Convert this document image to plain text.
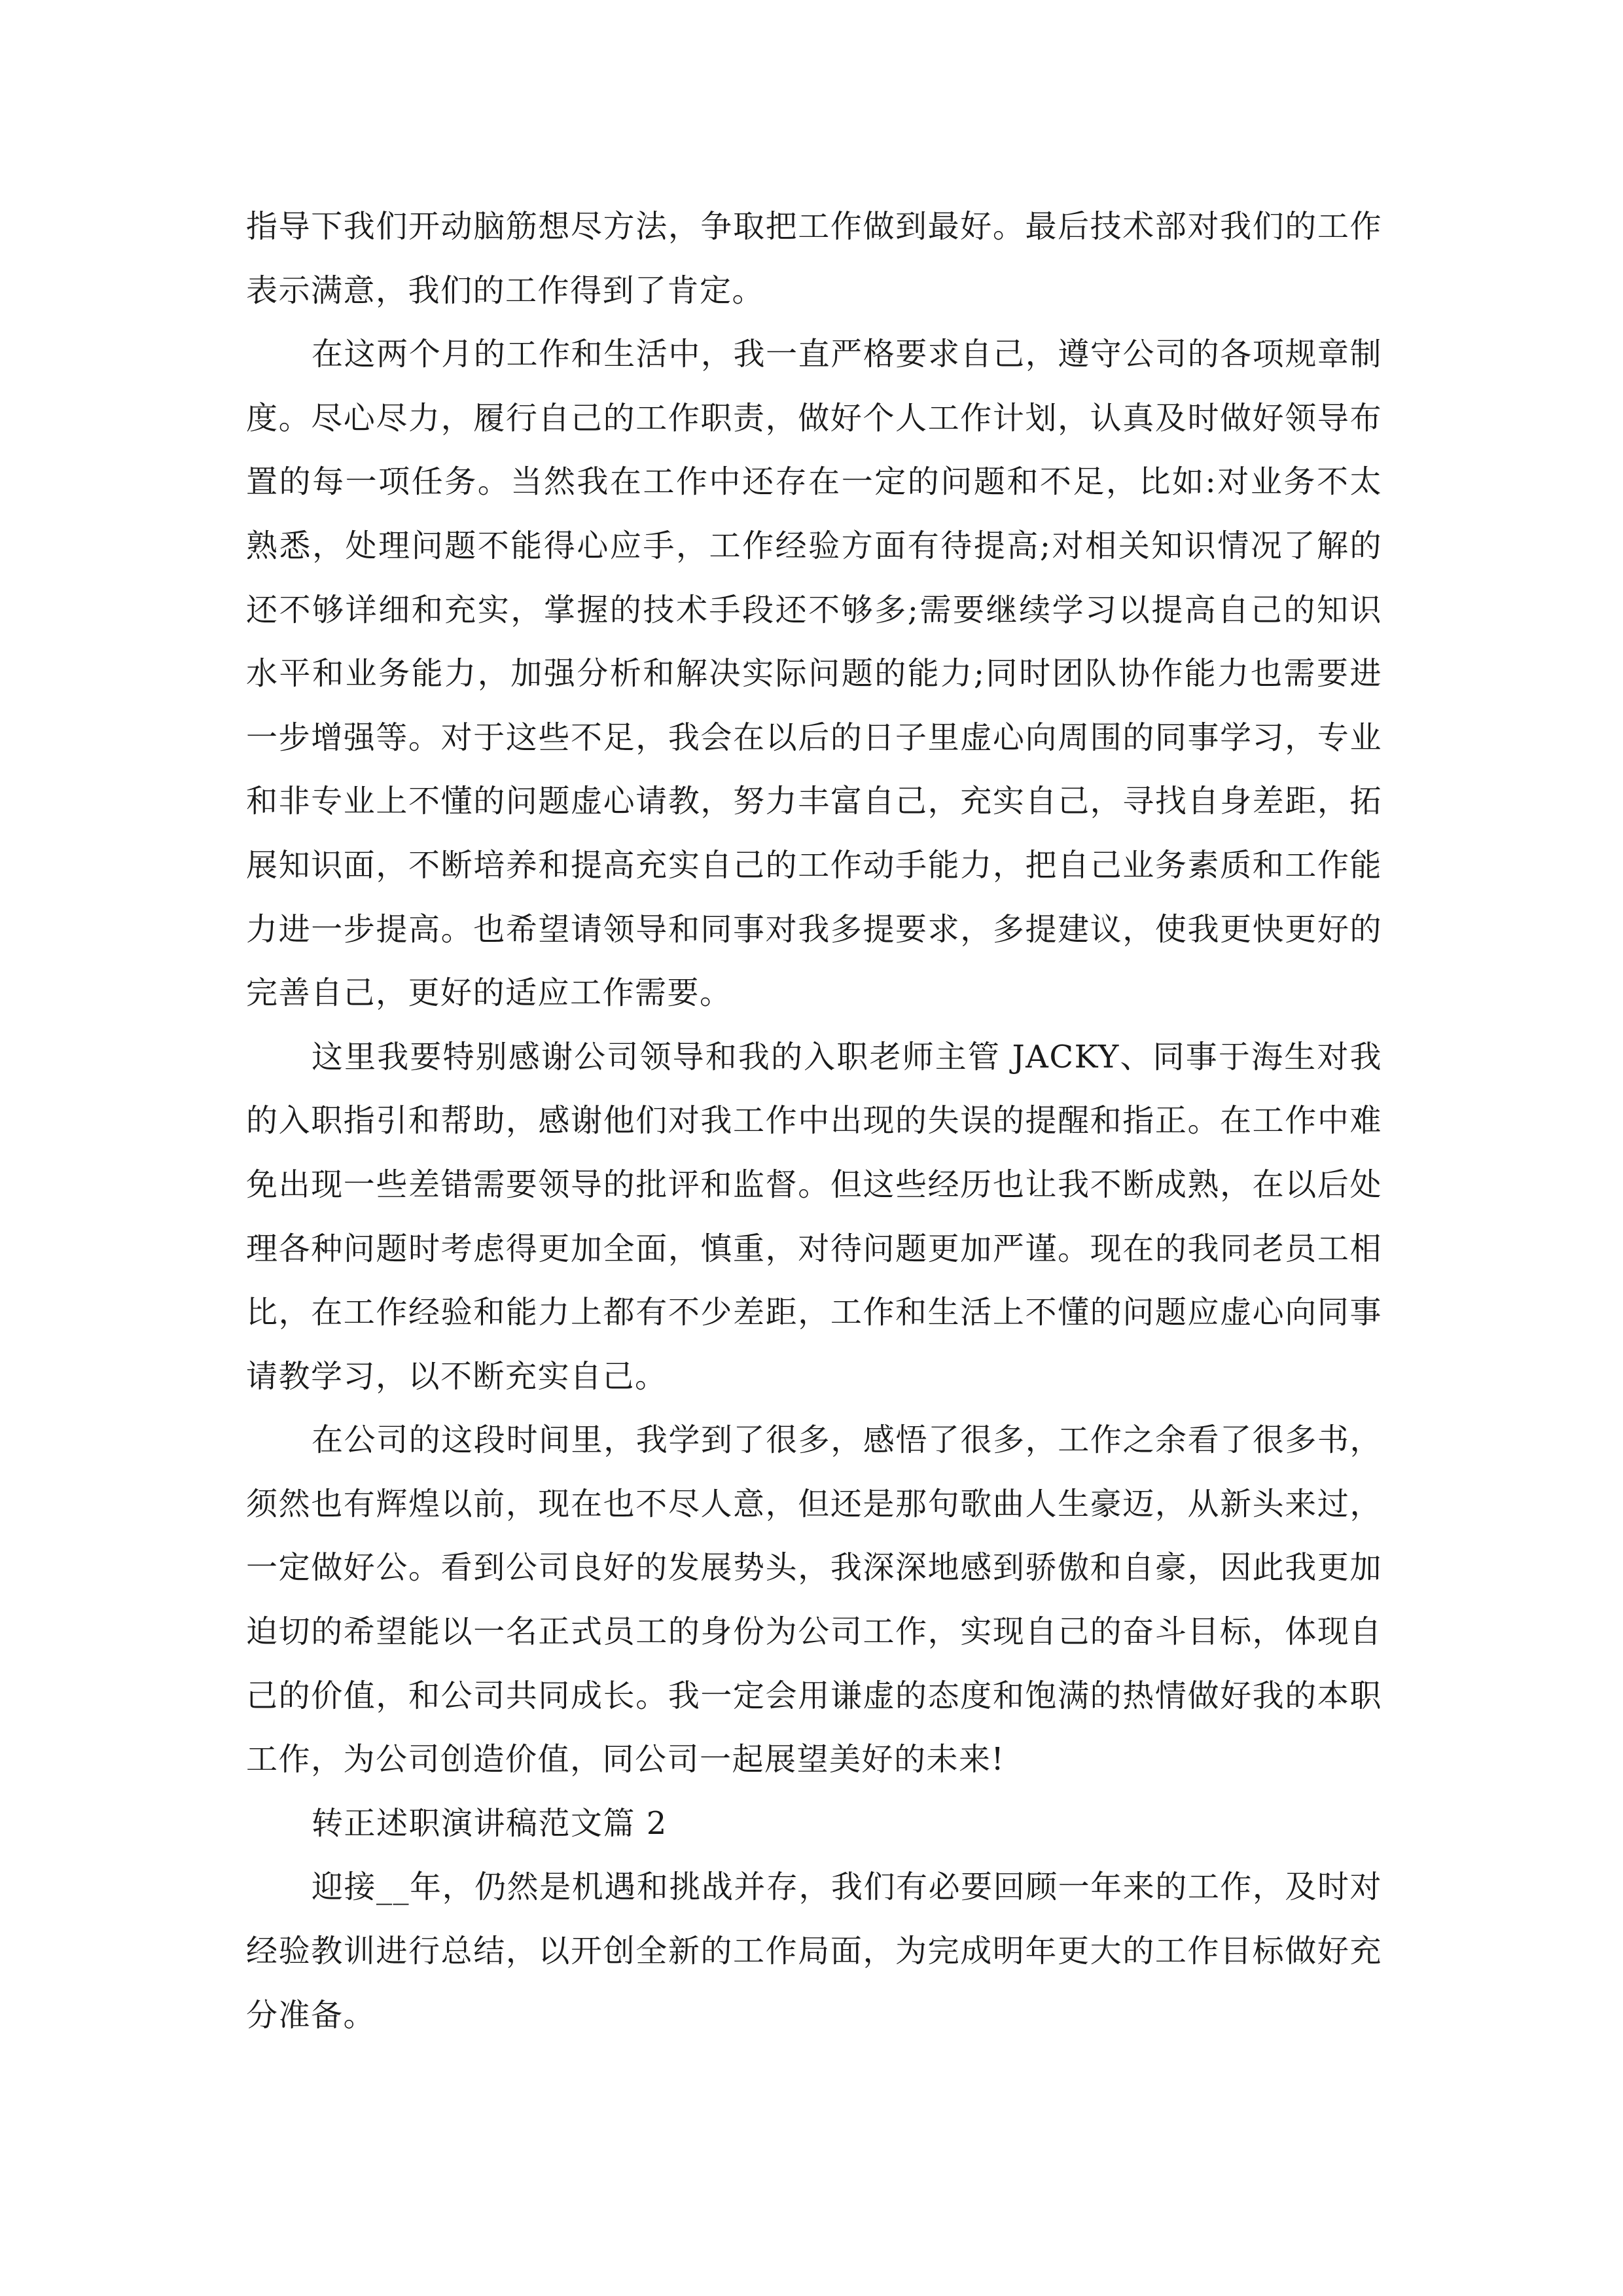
指导下我们开动脑筋想尽方法，争取把工作做到最好。最后技术部对我们的工作表示满意，我们的工作得到了肯定。

在这两个月的工作和生活中，我一直严格要求自己，遵守公司的各项规章制度。尽心尽力，履行自己的工作职责，做好个人工作计划，认真及时做好领导布置的每一项任务。当然我在工作中还存在一定的问题和不足，比如:对业务不太熟悉，处理问题不能得心应手，工作经验方面有待提高;对相关知识情况了解的还不够详细和充实，掌握的技术手段还不够多;需要继续学习以提高自己的知识水平和业务能力，加强分析和解决实际问题的能力;同时团队协作能力也需要进一步增强等。对于这些不足，我会在以后的日子里虚心向周围的同事学习，专业和非专业上不懂的问题虚心请教，努力丰富自己，充实自己，寻找自身差距，拓展知识面，不断培养和提高充实自己的工作动手能力，把自己业务素质和工作能力进一步提高。也希望请领导和同事对我多提要求，多提建议，使我更快更好的完善自己，更好的适应工作需要。

这里我要特别感谢公司领导和我的入职老师主管 JACKY、同事于海生对我的入职指引和帮助，感谢他们对我工作中出现的失误的提醒和指正。在工作中难免出现一些差错需要领导的批评和监督。但这些经历也让我不断成熟，在以后处理各种问题时考虑得更加全面，慎重，对待问题更加严谨。现在的我同老员工相比，在工作经验和能力上都有不少差距，工作和生活上不懂的问题应虚心向同事请教学习，以不断充实自己。

在公司的这段时间里，我学到了很多，感悟了很多，工作之余看了很多书，须然也有辉煌以前，现在也不尽人意，但还是那句歌曲人生豪迈，从新头来过，一定做好公。看到公司良好的发展势头，我深深地感到骄傲和自豪，因此我更加迫切的希望能以一名正式员工的身份为公司工作，实现自己的奋斗目标，体现自己的价值，和公司共同成长。我一定会用谦虚的态度和饱满的热情做好我的本职工作，为公司创造价值，同公司一起展望美好的未来!

转正述职演讲稿范文篇 2

迎接__年，仍然是机遇和挑战并存，我们有必要回顾一年来的工作，及时对经验教训进行总结，以开创全新的工作局面，为完成明年更大的工作目标做好充分准备。
